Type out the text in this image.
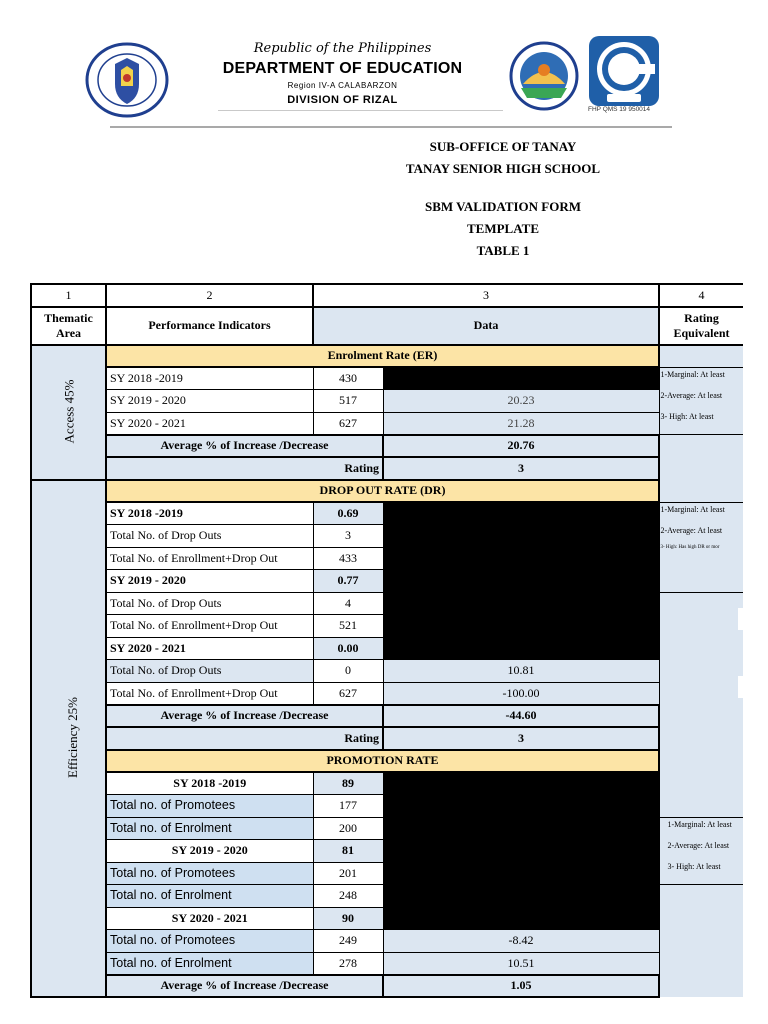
Republic of the Philippines
DEPARTMENT OF EDUCATION
Region IV-A CALABARZON
DIVISION OF RIZAL
FHP QMS 19 950014
SUB-OFFICE OF TANAY
TANAY SENIOR HIGH SCHOOL
SBM VALIDATION FORM
TEMPLATE
TABLE 1
1	2	3		4	
Thematic Area	Performance Indicators	Data		Rating Equivalent	
Access 45%	Enrolment Rate (ER)				
	SY 2018 -2019	430		1-Marginal: At least
2-Average: At least
3- High: At least	

	SY 2019 - 2020	517	20.23		
	SY 2020 - 2021	627	21.28		
	Average % of Increase /Decrease		20.76		
	Rating		3		
Efficiency 25%	DROP OUT RATE (DR)				
	SY 2018 -2019	0.69		1-Marginal: At least
2-Average: At least
3- High: Has high DR or mor	

	Total No. of Drop Outs	3			
	Total No. of Enrollment+Drop Out	433			
	SY 2019 - 2020	0.77			
	Total No. of Drop Outs	4			
	Total No. of Enrollment+Drop Out	521			
	SY 2020 - 2021	0.00			
	Total No. of Drop Outs	0	10.81		
	Total No. of Enrollment+Drop Out	627	-100.00		
	Average % of Increase /Decrease		-44.60		
	Rating		3		
	PROMOTION RATE				
	SY 2018 -2019	89			
	Total no. of Promotees	177			
	Total no. of Enrolment	200		1-Marginal: At least
2-Average: At least
3- High: At least	

	SY 2019 - 2020	81			
	Total no. of Promotees	201			
	Total no. of Enrolment	248			
	SY 2020 - 2021	90			
	Total no. of Promotees	249	-8.42		
	Total no. of Enrolment	278	10.51		
	Average % of Increase /Decrease		1.05		
